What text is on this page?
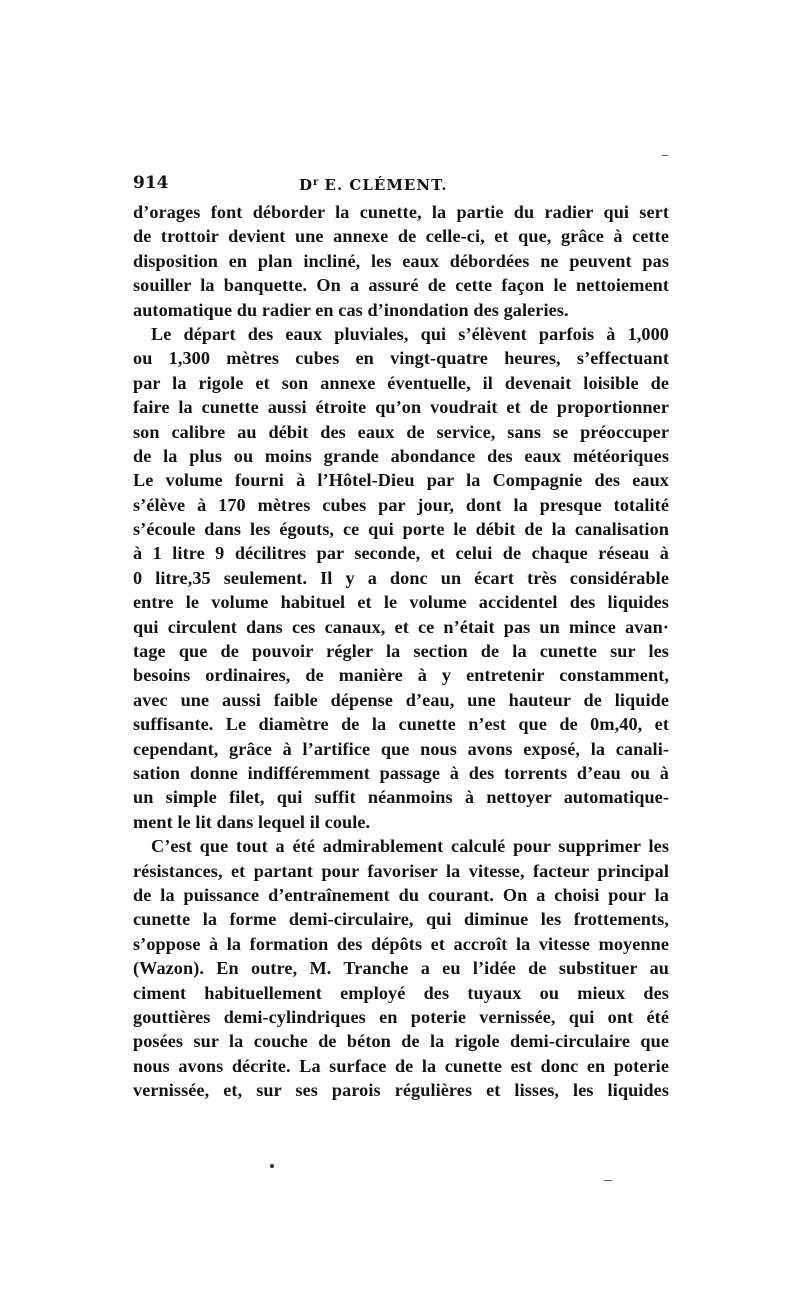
914	$D^r$ E. CLÉMENT.
d’orages font déborder la cunette, la partie du radier qui sert
de trottoir devient une annexe de celle-ci, et que, grâce à cette
disposition en plan incliné, les eaux débordées ne peuvent pas
souiller la banquette. On a assuré de cette façon le nettoiement
automatique du radier en cas d’inondation des galeries.
Le départ des eaux pluviales, qui s’élèvent parfois à 1,000
ou 1,300 mètres cubes en vingt-quatre heures, s’effectuant
par la rigole et son annexe éventuelle, il devenait loisible de
faire la cunette aussi étroite qu’on voudrait et de proportionner
son calibre au débit des eaux de service, sans se préoccuper
de la plus ou moins grande abondance des eaux météoriques
Le volume fourni à l’Hôtel-Dieu par la Compagnie des eaux
s’élève à 170 mètres cubes par jour, dont la presque totalité
s’écoule dans les égouts, ce qui porte le débit de la canalisation
à 1 litre 9 décilitres par seconde, et celui de chaque réseau à
0 litre,35 seulement. Il y a donc un écart très considérable
entre le volume habituel et le volume accidentel des liquides
qui circulent dans ces canaux, et ce n’était pas un mince avan·
tage que de pouvoir régler la section de la cunette sur les
besoins ordinaires, de manière à y entretenir constamment,
avec une aussi faible dépense d’eau, une hauteur de liquide
suffisante. Le diamètre de la cunette n’est que de 0m,40, et
cependant, grâce à l’artifice que nous avons exposé, la canali-
sation donne indifféremment passage à des torrents d’eau ou à
un simple filet, qui suffit néanmoins à nettoyer automatique-
ment le lit dans lequel il coule.
C’est que tout a été admirablement calculé pour supprimer les
résistances, et partant pour favoriser la vitesse, facteur principal
de la puissance d’entraînement du courant. On a choisi pour la
cunette la forme demi-circulaire, qui diminue les frottements,
s’oppose à la formation des dépôts et accroît la vitesse moyenne
(Wazon). En outre, M. Tranche a eu l’idée de substituer au
ciment habituellement employé des tuyaux ou mieux des
gouttières demi-cylindriques en poterie vernissée, qui ont été
posées sur la couche de béton de la rigole demi-circulaire que
nous avons décrite. La surface de la cunette est donc en poterie
vernissée, et, sur ses parois régulières et lisses, les liquides
